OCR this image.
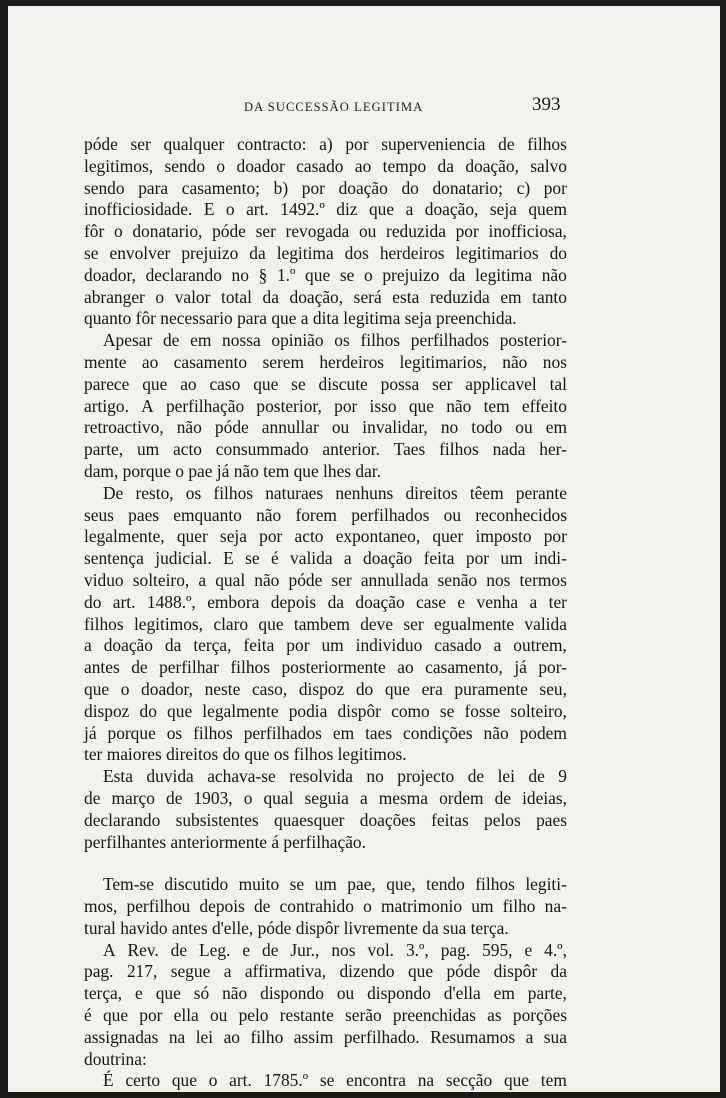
DA SUCCESSÃO LEGITIMA	393
póde ser qualquer contracto: a) por superveniencia de filhos
legitimos, sendo o doador casado ao tempo da doação, salvo
sendo para casamento; b) por doação do donatario; c) por
inofficiosidade. E o art. 1492.º diz que a doação, seja quem
fôr o donatario, póde ser revogada ou reduzida por inofficiosa,
se envolver prejuizo da legitima dos herdeiros legitimarios do
doador, declarando no § 1.º que se o prejuizo da legitima não
abranger o valor total da doação, será esta reduzida em tanto
quanto fôr necessario para que a dita legitima seja preenchida.
Apesar de em nossa opinião os filhos perfilhados posterior-
mente ao casamento serem herdeiros legitimarios, não nos
parece que ao caso que se discute possa ser applicavel tal
artigo. A perfilhação posterior, por isso que não tem effeito
retroactivo, não póde annullar ou invalidar, no todo ou em
parte, um acto consummado anterior. Taes filhos nada her-
dam, porque o pae já não tem que lhes dar.
De resto, os filhos naturaes nenhuns direitos têem perante
seus paes emquanto não forem perfilhados ou reconhecidos
legalmente, quer seja por acto expontaneo, quer imposto por
sentença judicial. E se é valida a doação feita por um indi-
viduo solteiro, a qual não póde ser annullada senão nos termos
do art. 1488.º, embora depois da doação case e venha a ter
filhos legitimos, claro que tambem deve ser egualmente valida
a doação da terça, feita por um individuo casado a outrem,
antes de perfilhar filhos posteriormente ao casamento, já por-
que o doador, neste caso, dispoz do que era puramente seu,
dispoz do que legalmente podia dispôr como se fosse solteiro,
já porque os filhos perfilhados em taes condições não podem
ter maiores direitos do que os filhos legitimos.
Esta duvida achava-se resolvida no projecto de lei de 9
de março de 1903, o qual seguia a mesma ordem de ideias,
declarando subsistentes quaesquer doações feitas pelos paes
perfilhantes anteriormente á perfilhação.
Tem-se discutido muito se um pae, que, tendo filhos legiti-
mos, perfilhou depois de contrahido o matrimonio um filho na-
tural havido antes d'elle, póde dispôr livremente da sua terça.
A Rev. de Leg. e de Jur., nos vol. 3.º, pag. 595, e 4.º,
pag. 217, segue a affirmativa, dizendo que póde dispôr da
terça, e que só não dispondo ou dispondo d'ella em parte,
é que por ella ou pelo restante serão preenchidas as porções
assignadas na lei ao filho assim perfilhado. Resumamos a sua
doutrina:
É certo que o art. 1785.º se encontra na secção que tem
